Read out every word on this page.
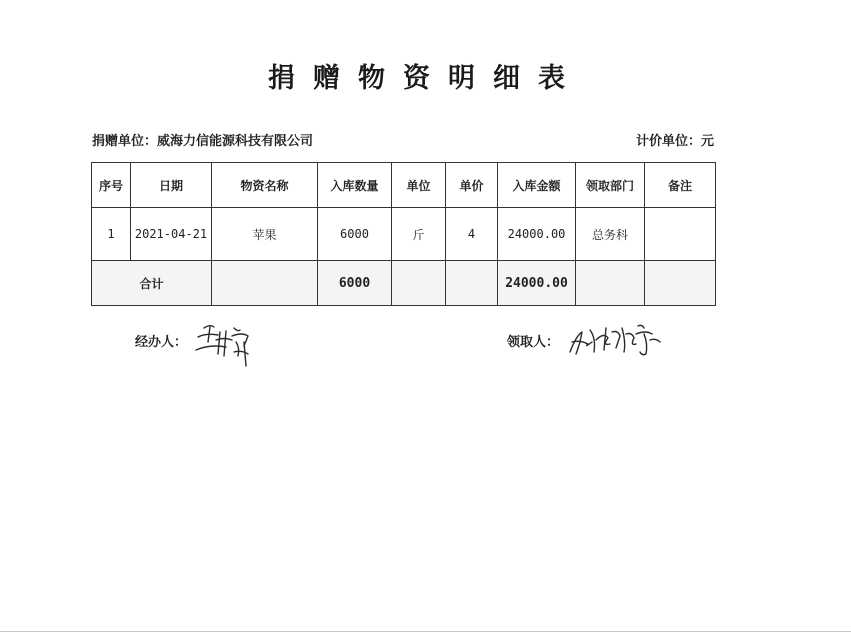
捐赠物资明细表
捐赠单位：威海力信能源科技有限公司	计价单位：元
序号	日期	物资名称	入库数量	单位	单价	入库金额	领取部门	备注
1	2021-04-21	苹果	6000	斤	4	24000.00	总务科	
合计			6000			24000.00		
经办人：	领取人：
